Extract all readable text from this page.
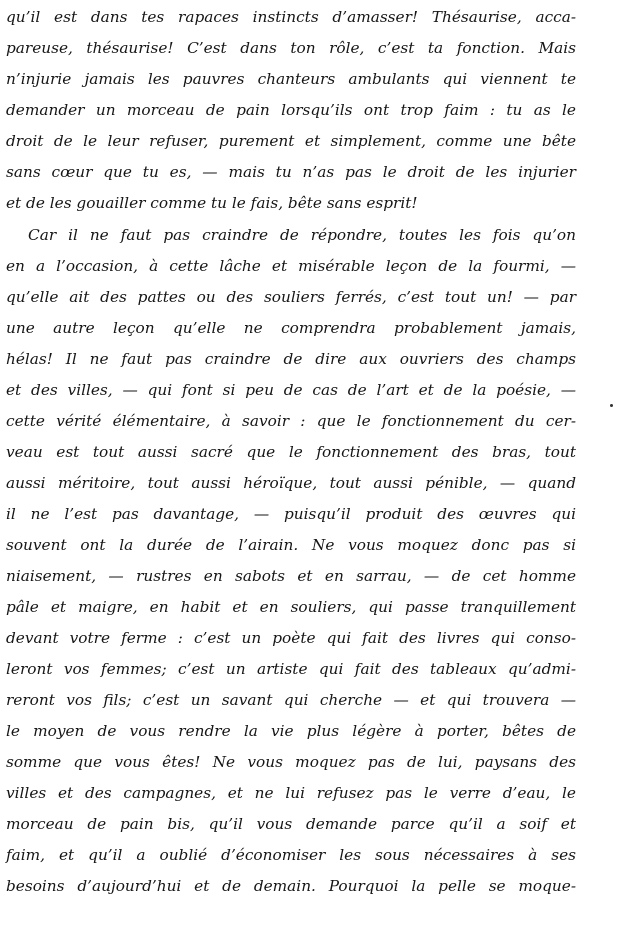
qu’il est dans tes rapaces instincts d’amasser! Thésaurise, acca-
pareuse, thésaurise! C’est dans ton rôle, c’est ta fonction. Mais
n’injurie jamais les pauvres chanteurs ambulants qui viennent te
demander un morceau de pain lorsqu’ils ont trop faim : tu as le
droit de le leur refuser, purement et simplement, comme une bête
sans cœur que tu es, — mais tu n’as pas le droit de les injurier
et de les gouailler comme tu le fais, bête sans esprit!
Car il ne faut pas craindre de répondre, toutes les fois qu’on
en a l’occasion, à cette lâche et misérable leçon de la fourmi, —
qu’elle ait des pattes ou des souliers ferrés, c’est tout un! — par
une autre leçon qu’elle ne comprendra probablement jamais,
hélas! Il ne faut pas craindre de dire aux ouvriers des champs
et des villes, — qui font si peu de cas de l’art et de la poésie, —
cette vérité élémentaire, à savoir : que le fonctionnement du cer-
veau est tout aussi sacré que le fonctionnement des bras, tout
aussi méritoire, tout aussi héroïque, tout aussi pénible, — quand
il ne l’est pas davantage, — puisqu’il produit des œuvres qui
souvent ont la durée de l’airain. Ne vous moquez donc pas si
niaisement, — rustres en sabots et en sarrau, — de cet homme
pâle et maigre, en habit et en souliers, qui passe tranquillement
devant votre ferme : c’est un poète qui fait des livres qui conso-
leront vos femmes; c’est un artiste qui fait des tableaux qu’admi-
reront vos fils; c’est un savant qui cherche — et qui trouvera —
le moyen de vous rendre la vie plus légère à porter, bêtes de
somme que vous êtes! Ne vous moquez pas de lui, paysans des
villes et des campagnes, et ne lui refusez pas le verre d’eau, le
morceau de pain bis, qu’il vous demande parce qu’il a soif et
faim, et qu’il a oublié d’économiser les sous nécessaires à ses
besoins d’aujourd’hui et de demain. Pourquoi la pelle se moque-
